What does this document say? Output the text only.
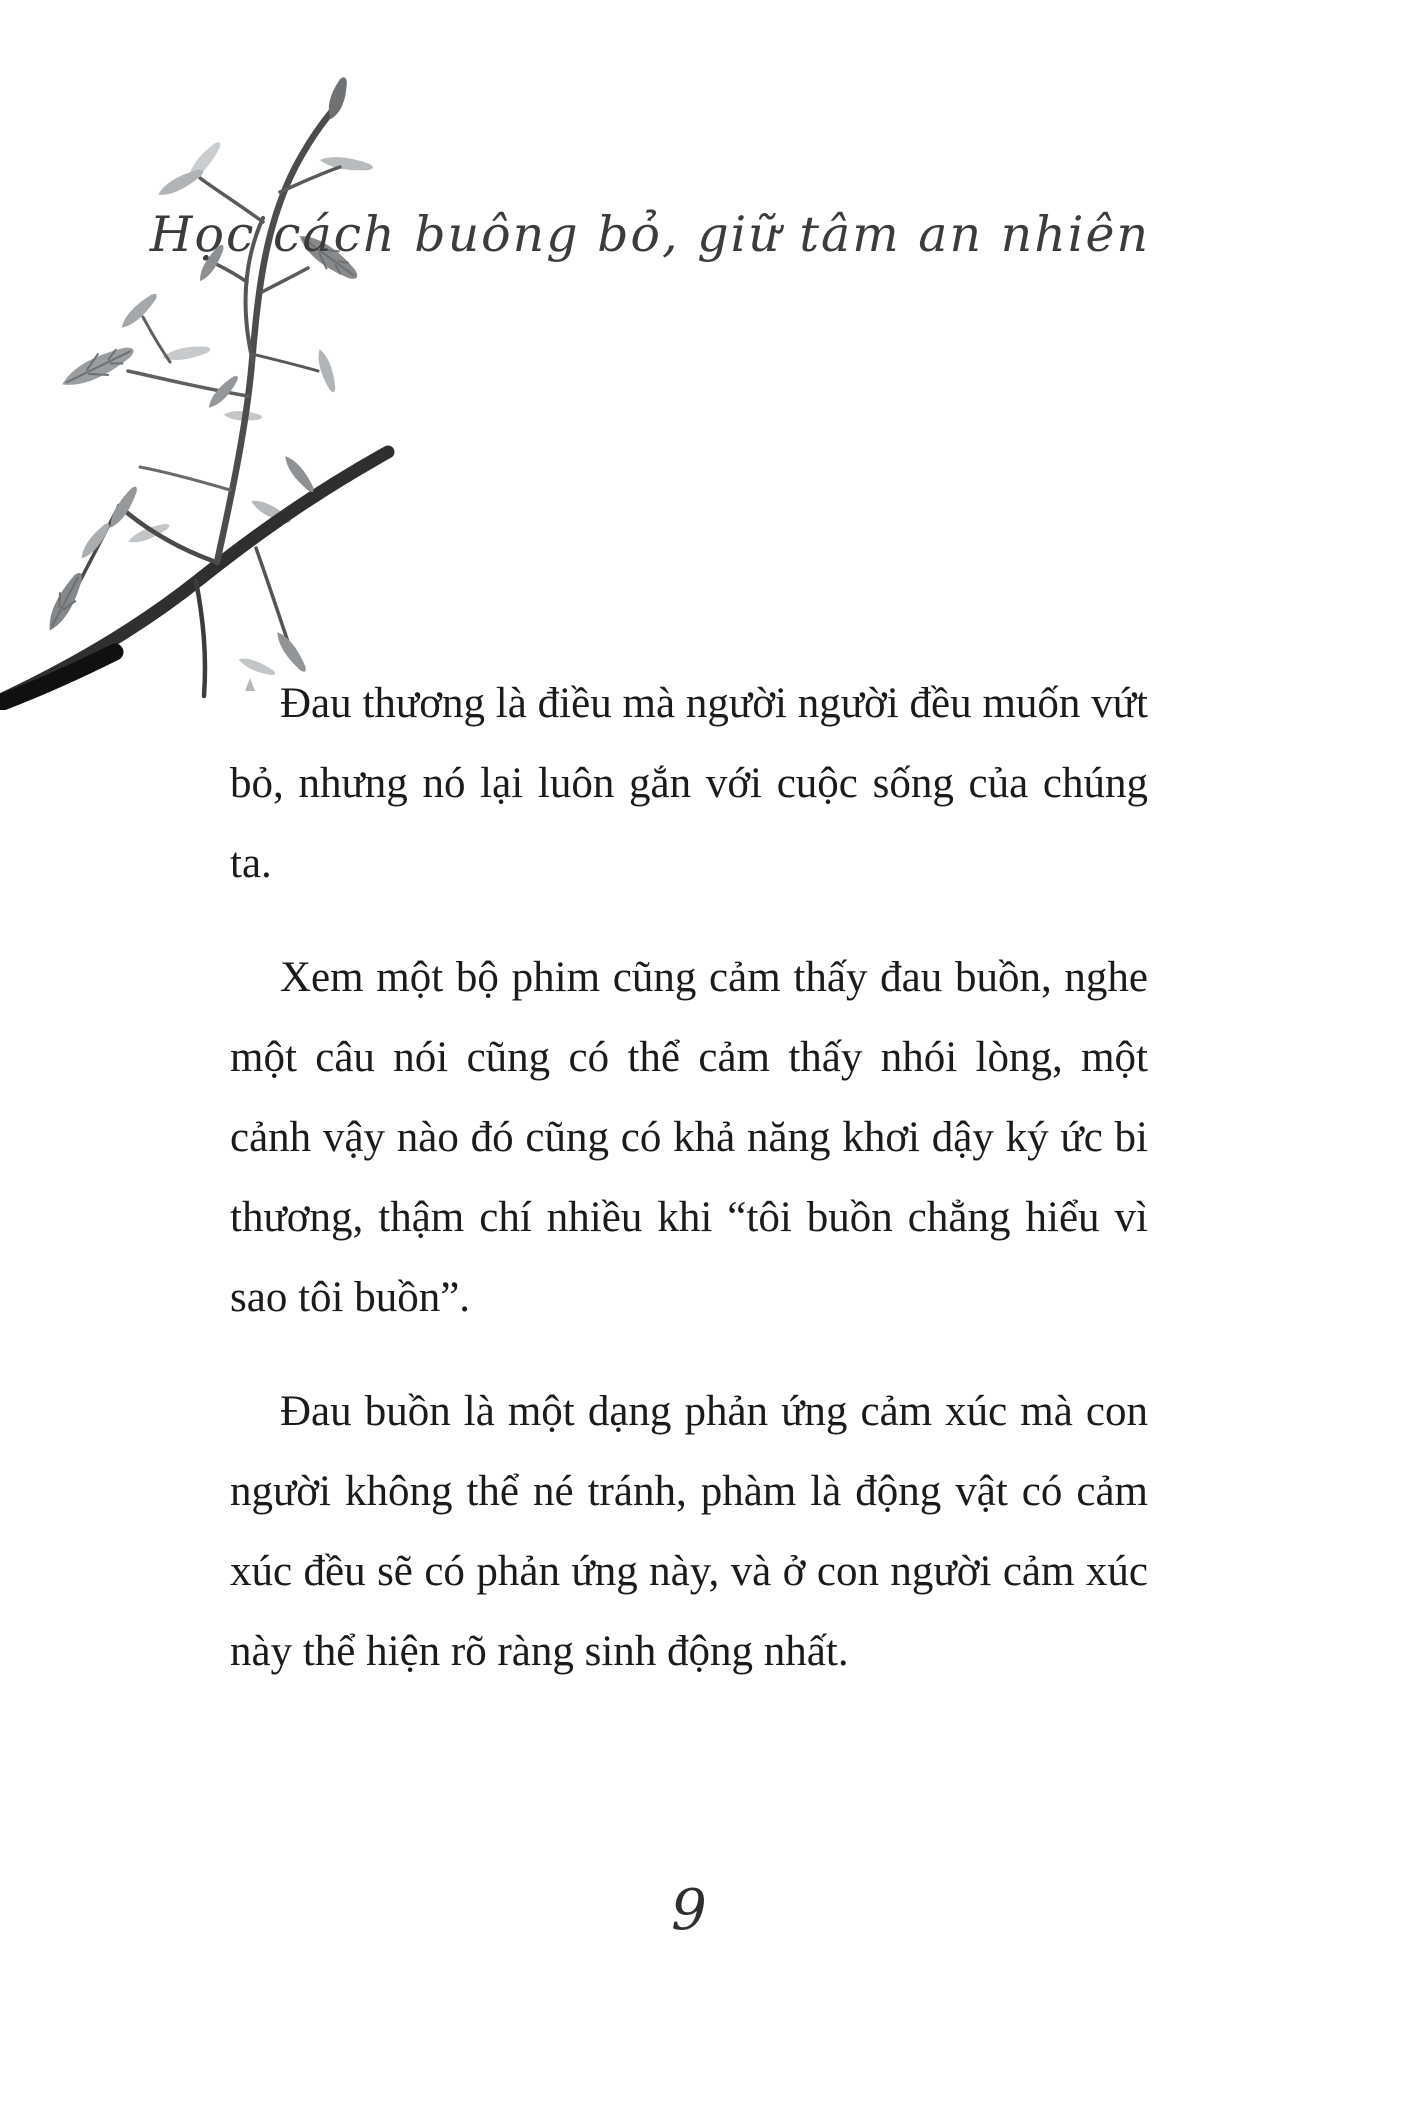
Học cách buông bỏ, giữ tâm an nhiên

Đau thương là điều mà người người đều muốn vứt bỏ, nhưng nó lại luôn gắn với cuộc sống của chúng ta.

Xem một bộ phim cũng cảm thấy đau buồn, nghe một câu nói cũng có thể cảm thấy nhói lòng, một cảnh vậy nào đó cũng có khả năng khơi dậy ký ức bi thương, thậm chí nhiều khi “tôi buồn chẳng hiểu vì sao tôi buồn”.

Đau buồn là một dạng phản ứng cảm xúc mà con người không thể né tránh, phàm là động vật có cảm xúc đều sẽ có phản ứng này, và ở con người cảm xúc này thể hiện rõ ràng sinh động nhất.

9
